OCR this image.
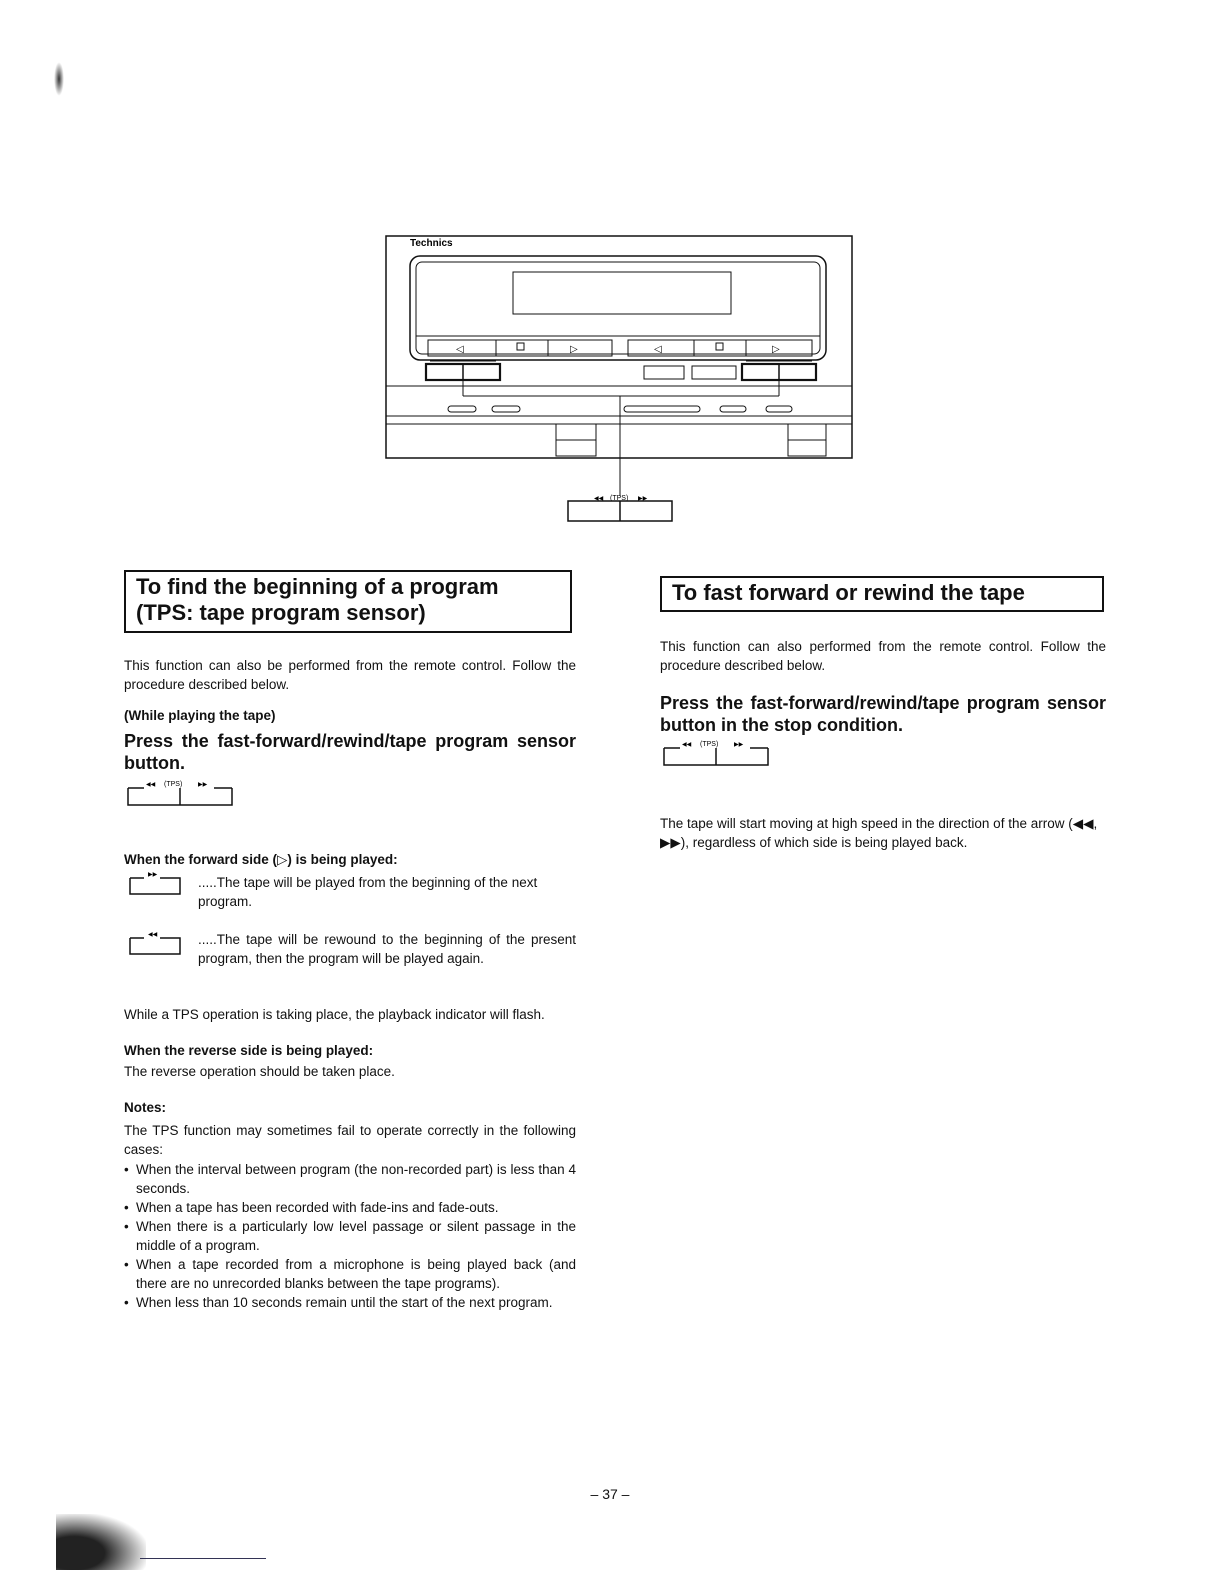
Technics
◁	▷	◁	▷
◀◀ (TPS) ▶▶
To find the beginning of a program
(TPS: tape program sensor)
This function can also be performed from the remote control. Follow the procedure described below.
(While playing the tape)
Press the fast-forward/rewind/tape program sensor button.
◀◀ (TPS)	▶▶
When the forward side (▷) is being played:
▶▶	.....The tape will be played from the beginning of the next program.
◀◀	.....The tape will be rewound to the beginning of the present program, then the program will be played again.
While a TPS operation is taking place, the playback indicator will flash.
When the reverse side is being played:
The reverse operation should be taken place.
Notes:
The TPS function may sometimes fail to operate correctly in the following cases:
• When the interval between program (the non-recorded part) is less than 4 seconds.
• When a tape has been recorded with fade-ins and fade-outs.
• When there is a particularly low level passage or silent passage in the middle of a program.
• When a tape recorded from a microphone is being played back (and there are no unrecorded blanks between the tape programs).
• When less than 10 seconds remain until the start of the next program.
To fast forward or rewind the tape
This function can also performed from the remote control. Follow the procedure described below.
Press the fast-forward/rewind/tape program sensor button in the stop condition.
◀◀ (TPS)	▶▶
The tape will start moving at high speed in the direction of the arrow (◀◀, ▶▶), regardless of which side is being played back.
– 37 –
